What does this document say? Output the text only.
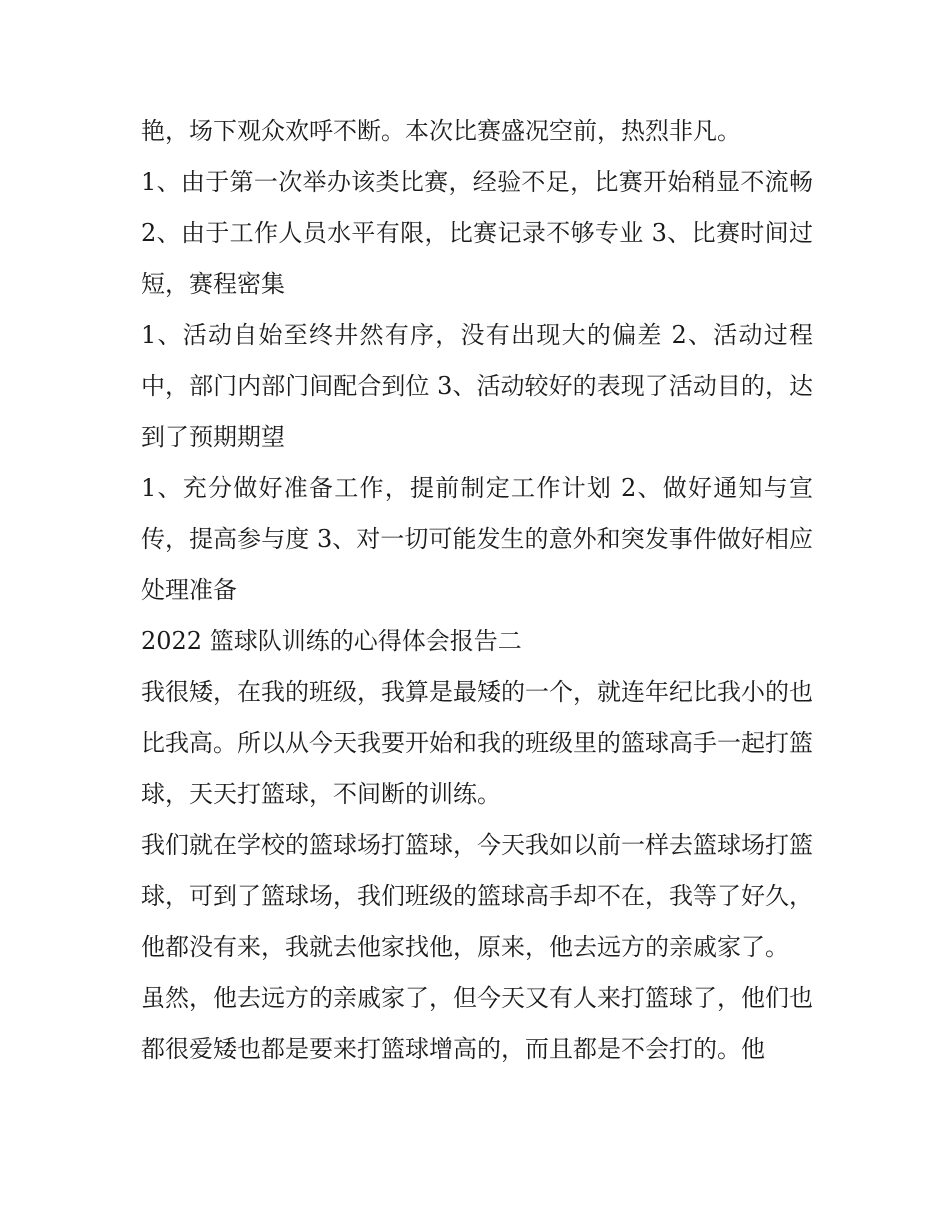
艳，场下观众欢呼不断。本次比赛盛况空前，热烈非凡。

1、由于第一次举办该类比赛，经验不足，比赛开始稍显不流畅 2、由于工作人员水平有限，比赛记录不够专业 3、比赛时间过短，赛程密集

1、活动自始至终井然有序，没有出现大的偏差 2、活动过程中，部门内部门间配合到位 3、活动较好的表现了活动目的，达到了预期期望

1、充分做好准备工作，提前制定工作计划 2、做好通知与宣传，提高参与度 3、对一切可能发生的意外和突发事件做好相应处理准备

2022 篮球队训练的心得体会报告二

我很矮，在我的班级，我算是最矮的一个，就连年纪比我小的也比我高。所以从今天我要开始和我的班级里的篮球高手一起打篮球，天天打篮球，不间断的训练。

我们就在学校的篮球场打篮球，今天我如以前一样去篮球场打篮球，可到了篮球场，我们班级的篮球高手却不在，我等了好久，他都没有来，我就去他家找他，原来，他去远方的亲戚家了。

虽然，他去远方的亲戚家了，但今天又有人来打篮球了，他们也都很爱矮也都是要来打篮球增高的，而且都是不会打的。他
